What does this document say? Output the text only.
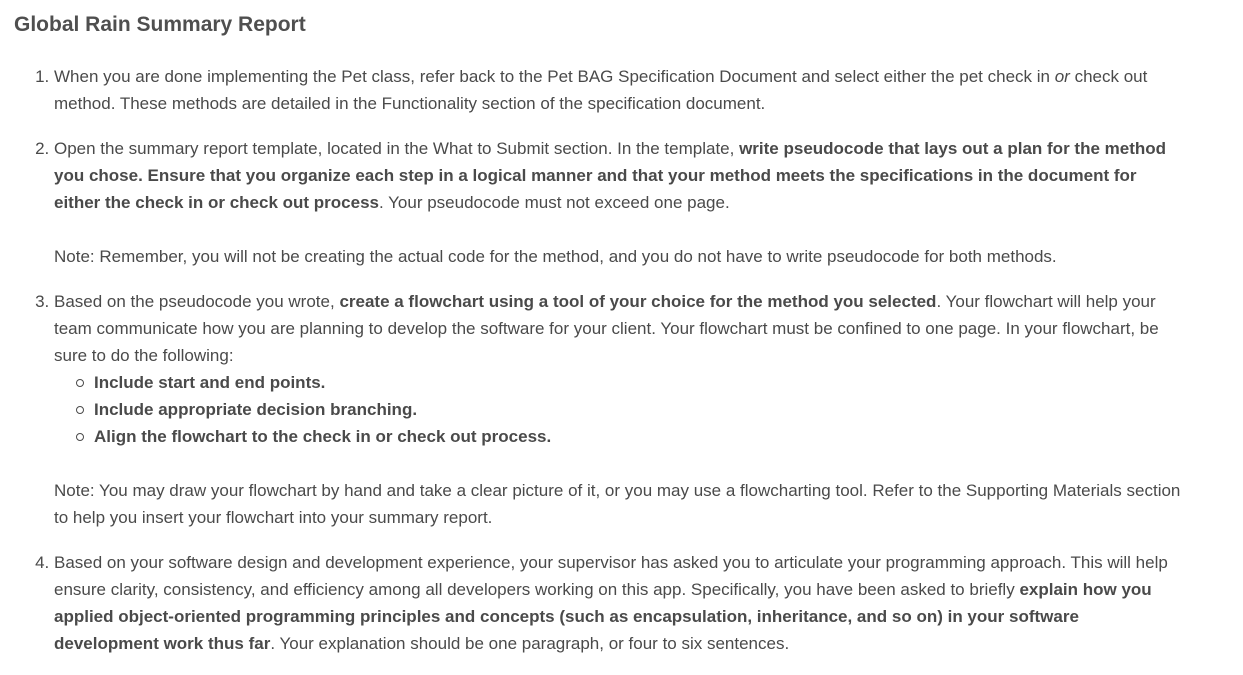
Global Rain Summary Report
1. When you are done implementing the Pet class, refer back to the Pet BAG Specification Document and select either the pet check in or check out method. These methods are detailed in the Functionality section of the specification document.
2. Open the summary report template, located in the What to Submit section. In the template, write pseudocode that lays out a plan for the method you chose. Ensure that you organize each step in a logical manner and that your method meets the specifications in the document for either the check in or check out process. Your pseudocode must not exceed one page.
Note: Remember, you will not be creating the actual code for the method, and you do not have to write pseudocode for both methods.
3. Based on the pseudocode you wrote, create a flowchart using a tool of your choice for the method you selected. Your flowchart will help your team communicate how you are planning to develop the software for your client. Your flowchart must be confined to one page. In your flowchart, be sure to do the following:
Include start and end points.
Include appropriate decision branching.
Align the flowchart to the check in or check out process.
Note: You may draw your flowchart by hand and take a clear picture of it, or you may use a flowcharting tool. Refer to the Supporting Materials section to help you insert your flowchart into your summary report.
4. Based on your software design and development experience, your supervisor has asked you to articulate your programming approach. This will help ensure clarity, consistency, and efficiency among all developers working on this app. Specifically, you have been asked to briefly explain how you applied object-oriented programming principles and concepts (such as encapsulation, inheritance, and so on) in your software development work thus far. Your explanation should be one paragraph, or four to six sentences.
